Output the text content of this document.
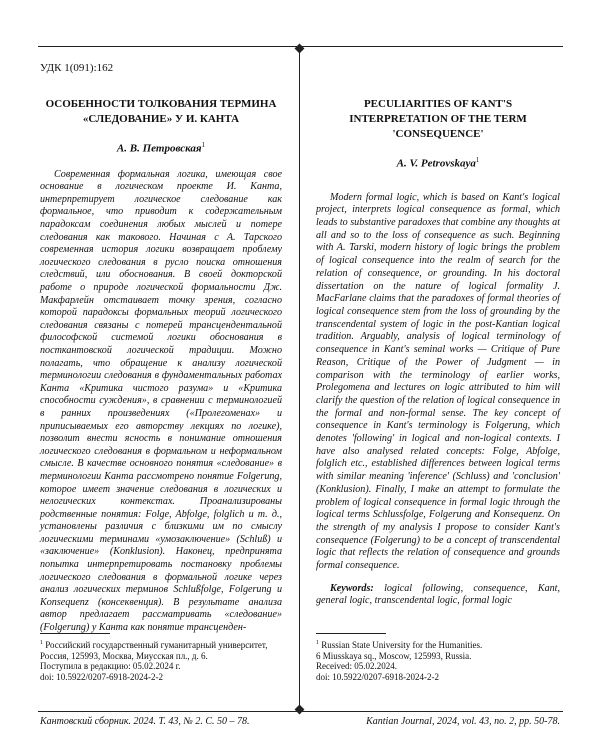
УДК 1(091):162

ОСОБЕННОСТИ ТОЛКОВАНИЯ ТЕРМИНА «СЛЕДОВАНИЕ» У И. КАНТА

А. В. Петровская$^1$

Современная формальная логика, имеющая свое основание в логическом проекте И. Канта, интерпретирует логическое следование как формальное, что приводит к содержательным парадоксам соединения любых мыслей и потере следования как такового. Начиная с А. Тарского современная история логики возвращает проблему логического следования в русло поиска отношения следствий, или обоснования. В своей докторской работе о природе логической формальности Дж. Макфарлейн отстаивает точку зрения, согласно которой парадоксы формальных теорий логического следования связаны с потерей трансцендентальной философской системой логики обоснования в посткантовской логической традиции. Можно полагать, что обращение к анализу логической терминологии следования в фундаментальных работах Канта «Критика чистого разума» и «Критика способности суждения», в сравнении с терминологией в ранних произведениях («Пролегоменах» и приписываемых его авторству лекциях по логике), позволит внести ясность в понимание отношения логического следования в формальном и неформальном смысле. В качестве основного понятия «следование» в терминологии Канта рассмотрено понятие Folgerung, которое имеет значение следования в логических и нелогических контекстах. Проанализированы родственные понятия: Folge, Abfolge, folglich и т. д., установлены различия с близкими им по смыслу логическими терминами «умозаключение» (Schluß) и «заключение» (Konklusion). Наконец, предпринята попытка интерпретировать постановку проблемы логического следования в формальной логике через анализ логических терминов Schlußfolge, Folgerung и Konsequenz (консеквенция). В результате анализа автор предлагает рассматривать «следование» (Folgerung) у Канта как понятие трансценден-

PECULIARITIES OF KANT'S INTERPRETATION OF THE TERM 'CONSEQUENCE'

A. V. Petrovskaya$^1$

Modern formal logic, which is based on Kant's logical project, interprets logical consequence as formal, which leads to substantive paradoxes that combine any thoughts at all and so to the loss of consequence as such. Beginning with A. Tarski, modern history of logic brings the problem of logical consequence into the realm of search for the relation of consequence, or grounding. In his doctoral dissertation on the nature of logical formality J. MacFarlane claims that the paradoxes of formal theories of logical consequence stem from the loss of grounding by the transcendental system of logic in the post-Kantian logical tradition. Arguably, analysis of logical terminology of consequence in Kant's seminal works — Critique of Pure Reason, Critique of the Power of Judgment — in comparison with the terminology of earlier works, Prolegomena and lectures on logic attributed to him will clarify the question of the relation of logical consequence in the formal and non-formal sense. The key concept of consequence in Kant's terminology is Folgerung, which denotes 'following' in logical and non-logical contexts. I have also analysed related concepts: Folge, Abfolge, folglich etc., established differences between logical terms with similar meaning 'inference' (Schluss) and 'conclusion' (Konklusion). Finally, I make an attempt to formulate the problem of logical consequence in formal logic through the logical terms Schlussfolge, Folgerung and Konsequenz. On the strength of my analysis I propose to consider Kant's consequence (Folgerung) to be a concept of transcendental logic that reflects the relation of consequence and grounds formal consequence.

Keywords: logical following, consequence, Kant, general logic, transcendental logic, formal logic

$^1$ Российский государственный гуманитарный университет,

Россия, 125993, Москва, Миусская пл., д. 6.

Поступила в редакцию: 05.02.2024 г.

doi: 10.5922/0207-6918-2024-2-2

$^1$ Russian State University for the Humanities.

6 Miusskaya sq., Moscow, 125993, Russia.

Received: 05.02.2024.

doi: 10.5922/0207-6918-2024-2-2

Кантовский сборник. 2024. Т. 43, № 2. С. 50 – 78.	Kantian Journal, 2024, vol. 43, no. 2, pp. 50-78.
